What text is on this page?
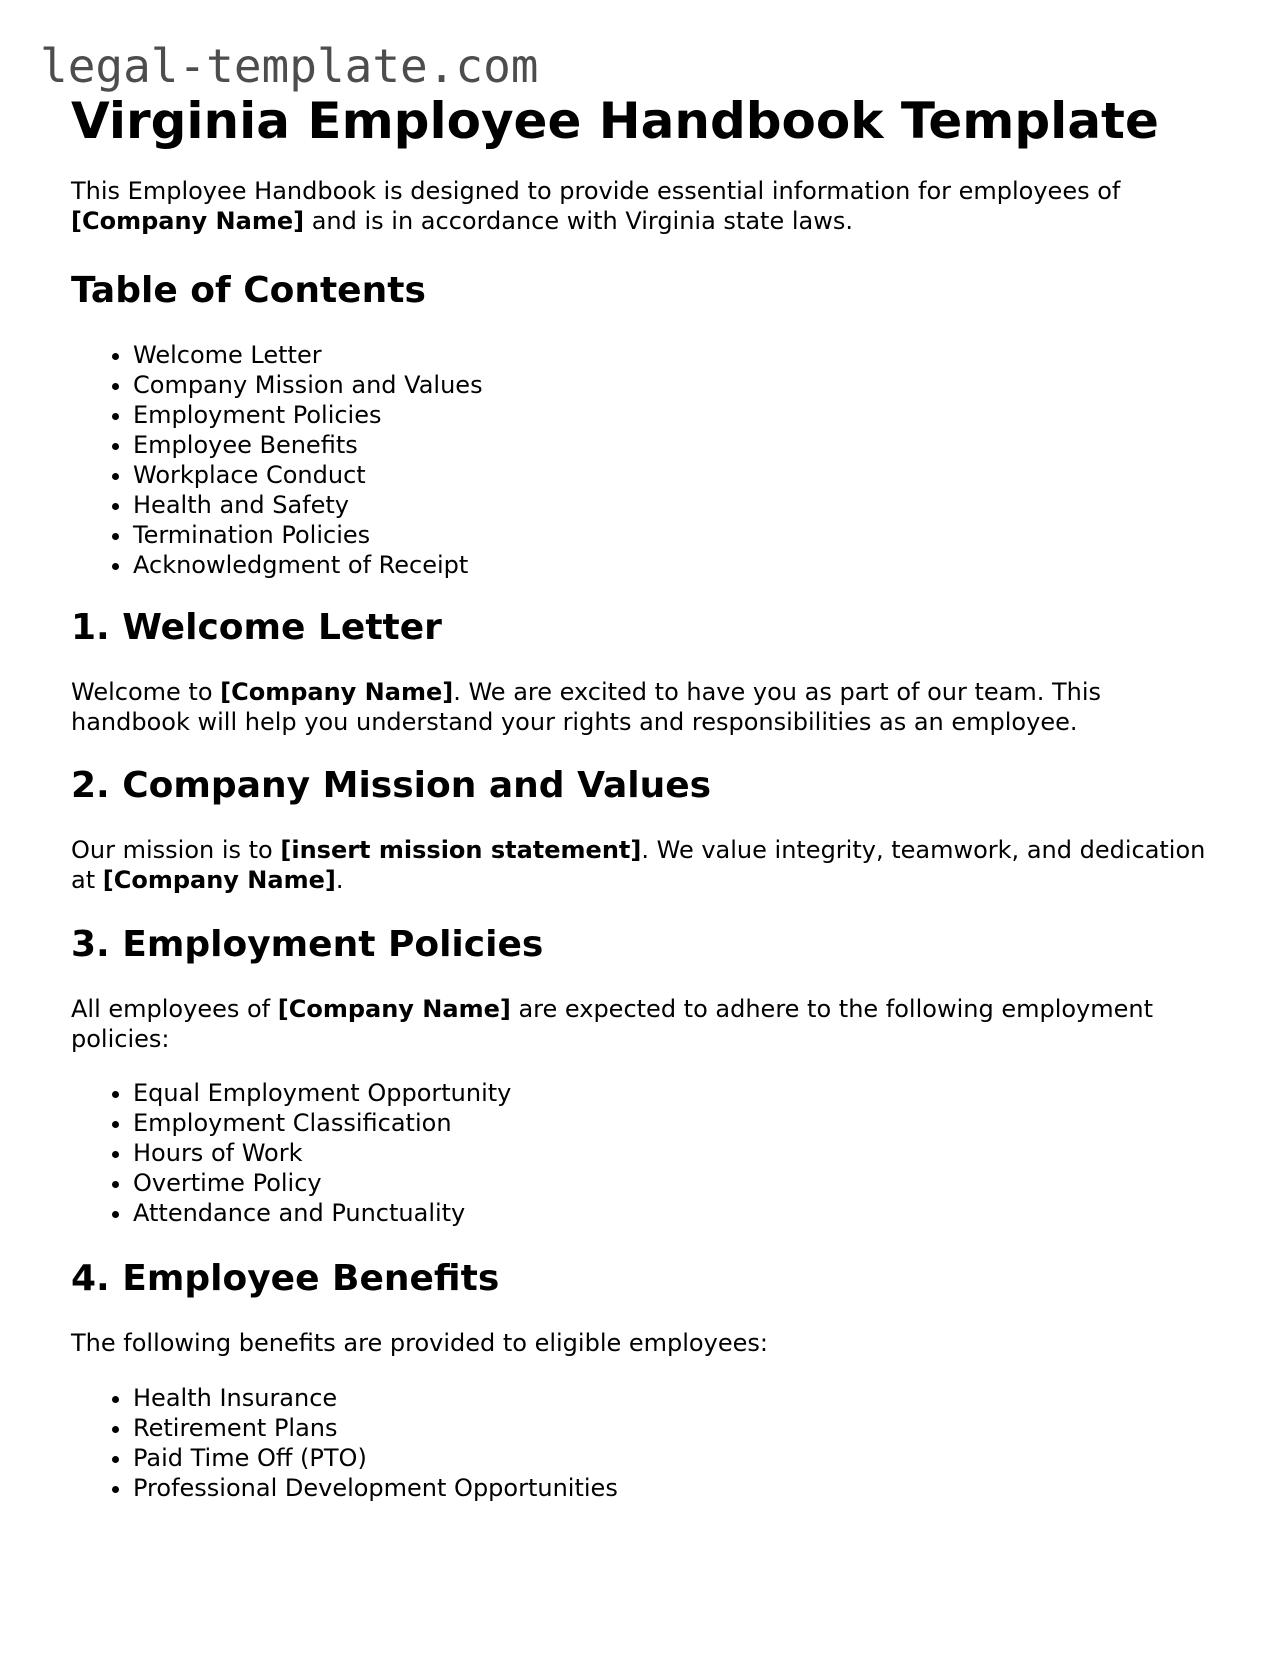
legal-template.com
Virginia Employee Handbook Template

This Employee Handbook is designed to provide essential information for employees of [Company Name] and is in accordance with Virginia state laws.

Table of Contents
• Welcome Letter
• Company Mission and Values
• Employment Policies
• Employee Benefits
• Workplace Conduct
• Health and Safety
• Termination Policies
• Acknowledgment of Receipt
1. Welcome Letter

Welcome to [Company Name]. We are excited to have you as part of our team. This handbook will help you understand your rights and responsibilities as an employee.

2. Company Mission and Values

Our mission is to [insert mission statement]. We value integrity, teamwork, and dedication at [Company Name].

3. Employment Policies

All employees of [Company Name] are expected to adhere to the following employment policies:

• Equal Employment Opportunity
• Employment Classification
• Hours of Work
• Overtime Policy
• Attendance and Punctuality
4. Employee Benefits

The following benefits are provided to eligible employees:

• Health Insurance
• Retirement Plans
• Paid Time Off (PTO)
• Professional Development Opportunities
